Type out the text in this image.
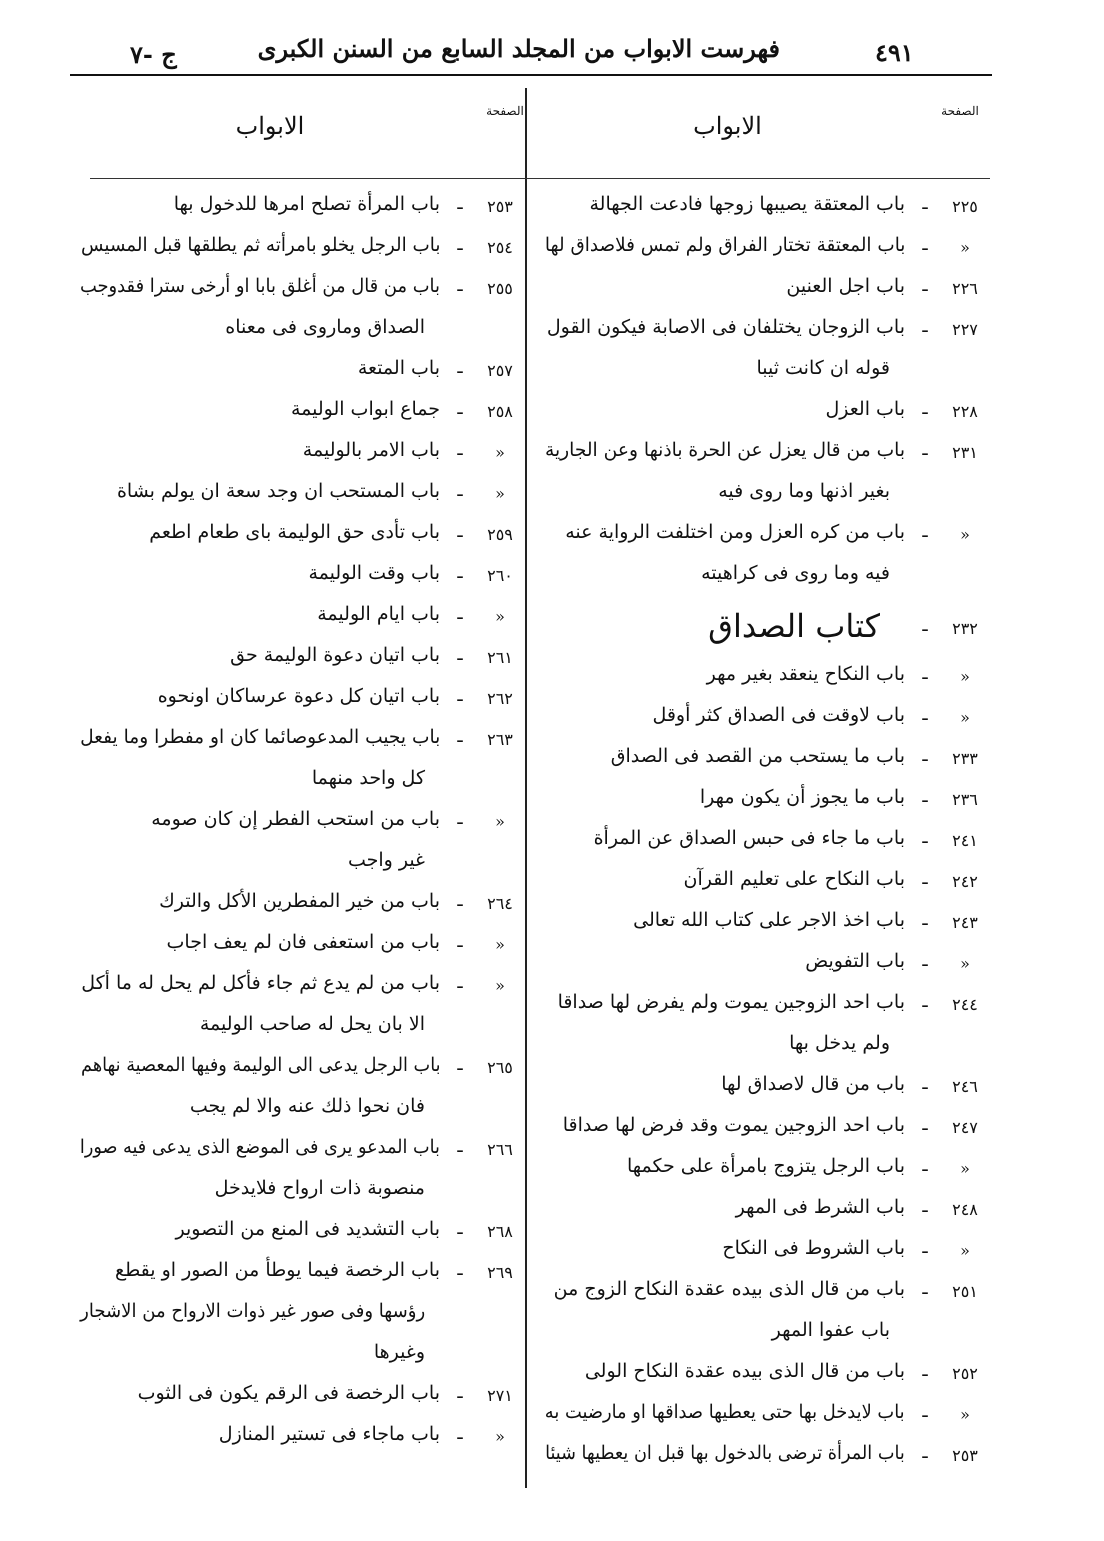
٤٩١
فهرست الابواب من المجلد السابع من السنن الكبرى
ج -٧
الصفحة
الابواب
الصفحة
الابواب
٢٢٥
ـ
باب المعتقة يصيبها زوجها فادعت الجهالة
«
ـ
باب المعتقة تختار الفراق ولم تمس فلاصداق لها
٢٢٦
ـ
باب اجل العنين
٢٢٧
ـ
باب الزوجان يختلفان فى الاصابة فيكون القول
قوله ان كانت ثيبا
٢٢٨
ـ
باب العزل
٢٣١
ـ
باب من قال يعزل عن الحرة باذنها وعن الجارية
بغير اذنها وما روى فيه
«
ـ
باب من كره العزل ومن اختلفت الرواية عنه
فيه وما روى فى كراهيته
٢٣٢
ـ
كتاب الصداق
«
ـ
باب النكاح ينعقد بغير مهر
«
ـ
باب لاوقت فى الصداق كثر أوقل
٢٣٣
ـ
باب ما يستحب من القصد فى الصداق
٢٣٦
ـ
باب ما يجوز أن يكون مهرا
٢٤١
ـ
باب ما جاء فى حبس الصداق عن المرأة
٢٤٢
ـ
باب النكاح على تعليم القرآن
٢٤٣
ـ
باب اخذ الاجر على كتاب الله تعالى
«
ـ
باب التفويض
٢٤٤
ـ
باب احد الزوجين يموت ولم يفرض لها صداقا
ولم يدخل بها
٢٤٦
ـ
باب من قال لاصداق لها
٢٤٧
ـ
باب احد الزوجين يموت وقد فرض لها صداقا
«
ـ
باب الرجل يتزوج بامرأة على حكمها
٢٤٨
ـ
باب الشرط فى المهر
«
ـ
باب الشروط فى النكاح
٢٥١
ـ
باب من قال الذى بيده عقدة النكاح الزوج من
باب عفوا المهر
٢٥٢
ـ
باب من قال الذى بيده عقدة النكاح الولى
«
ـ
باب لايدخل بها حتى يعطيها صداقها او مارضيت به
٢٥٣
ـ
باب المرأة ترضى بالدخول بها قبل ان يعطيها شيئا
٢٥٣
ـ
باب المرأة تصلح امرها للدخول بها
٢٥٤
ـ
باب الرجل يخلو بامرأته ثم يطلقها قبل المسيس
٢٥٥
ـ
باب من قال من أغلق بابا او أرخى سترا فقدوجب
الصداق وماروى فى معناه
٢٥٧
ـ
باب المتعة
٢٥٨
ـ
جماع ابواب الوليمة
«
ـ
باب الامر بالوليمة
«
ـ
باب المستحب ان وجد سعة ان يولم بشاة
٢٥٩
ـ
باب تأدى حق الوليمة باى طعام اطعم
٢٦٠
ـ
باب وقت الوليمة
«
ـ
باب ايام الوليمة
٢٦١
ـ
باب اتيان دعوة الوليمة حق
٢٦٢
ـ
باب اتيان كل دعوة عرساكان اونحوه
٢٦٣
ـ
باب يجيب المدعوصائما كان او مفطرا وما يفعل
كل واحد منهما
«
ـ
باب من استحب الفطر إن كان صومه
غير واجب
٢٦٤
ـ
باب من خير المفطرين الأكل والترك
«
ـ
باب من استعفى فان لم يعف اجاب
«
ـ
باب من لم يدع ثم جاء فأكل لم يحل له ما أكل
الا بان يحل له صاحب الوليمة
٢٦٥
ـ
باب الرجل يدعى الى الوليمة وفيها المعصية نهاهم
فان نحوا ذلك عنه والا لم يجب
٢٦٦
ـ
باب المدعو يرى فى الموضع الذى يدعى فيه صورا
منصوبة ذات ارواح فلايدخل
٢٦٨
ـ
باب التشديد فى المنع من التصوير
٢٦٩
ـ
باب الرخصة فيما يوطأ من الصور او يقطع
رؤسها وفى صور غير ذوات الارواح من الاشجار
وغيرها
٢٧١
ـ
باب الرخصة فى الرقم يكون فى الثوب
«
ـ
باب ماجاء فى تستير المنازل
